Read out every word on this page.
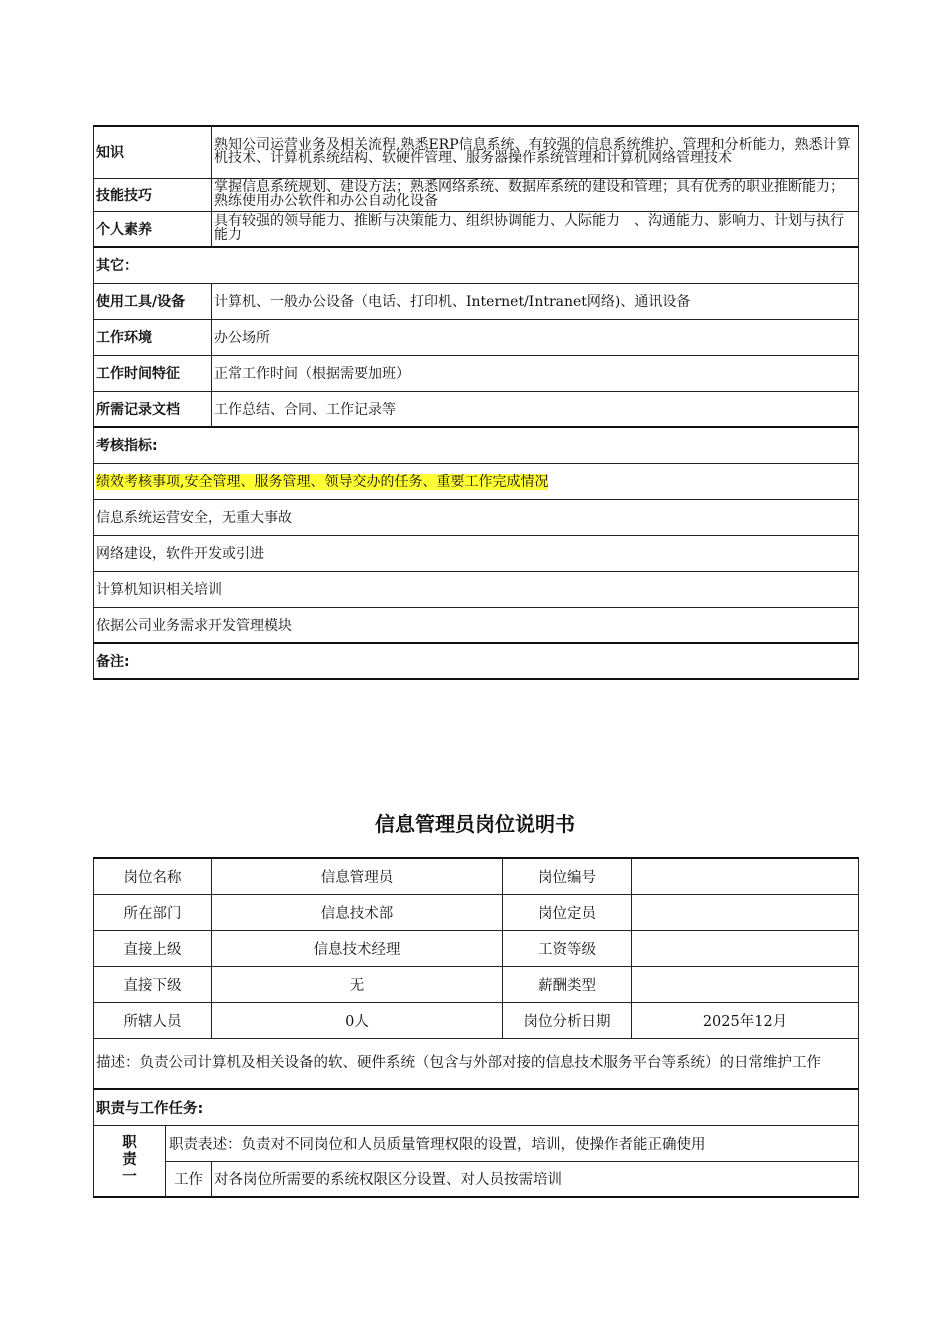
知识	熟知公司运营业务及相关流程,熟悉ERP信息系统、有较强的信息系统维护、管理和分析能力，熟悉计算机技术、计算机系统结构、软硬件管理、服务器操作系统管理和计算机网络管理技术
技能技巧	掌握信息系统规划、建设方法；熟悉网络系统、数据库系统的建设和管理；具有优秀的职业推断能力；熟练使用办公软件和办公自动化设备
个人素养	具有较强的领导能力、推断与决策能力、组织协调能力、人际能力　、沟通能力、影响力、计划与执行能力
其它：	
使用工具/设备	计算机、一般办公设备（电话、打印机、Internet/Intranet网络)、通讯设备
工作环境	办公场所
工作时间特征	正常工作时间（根据需要加班）
所需记录文档	工作总结、合同、工作记录等
考核指标:	
绩效考核事项,安全管理、服务管理、领导交办的任务、重要工作完成情况	
信息系统运营安全，无重大事故	
网络建设，软件开发或引进	
计算机知识相关培训	
依据公司业务需求开发管理模块	
备注:	
信息管理员岗位说明书
岗位名称		信息管理员	岗位编号	
所在部门		信息技术部	岗位定员	
直接上级		信息技术经理	工资等级	
直接下级		无	薪酬类型	
所辖人员		0人	岗位分析日期	2025年12月
描述：负责公司计算机及相关设备的软、硬件系统（包含与外部对接的信息技术服务平台等系统）的日常维护工作				
职责与工作任务:				

职
责
一	职责表述：负责对不同岗位和人员质量管理权限的设置，培训，使操作者能正确使用			
	工作	对各岗位所需要的系统权限区分设置、对人员按需培训		
